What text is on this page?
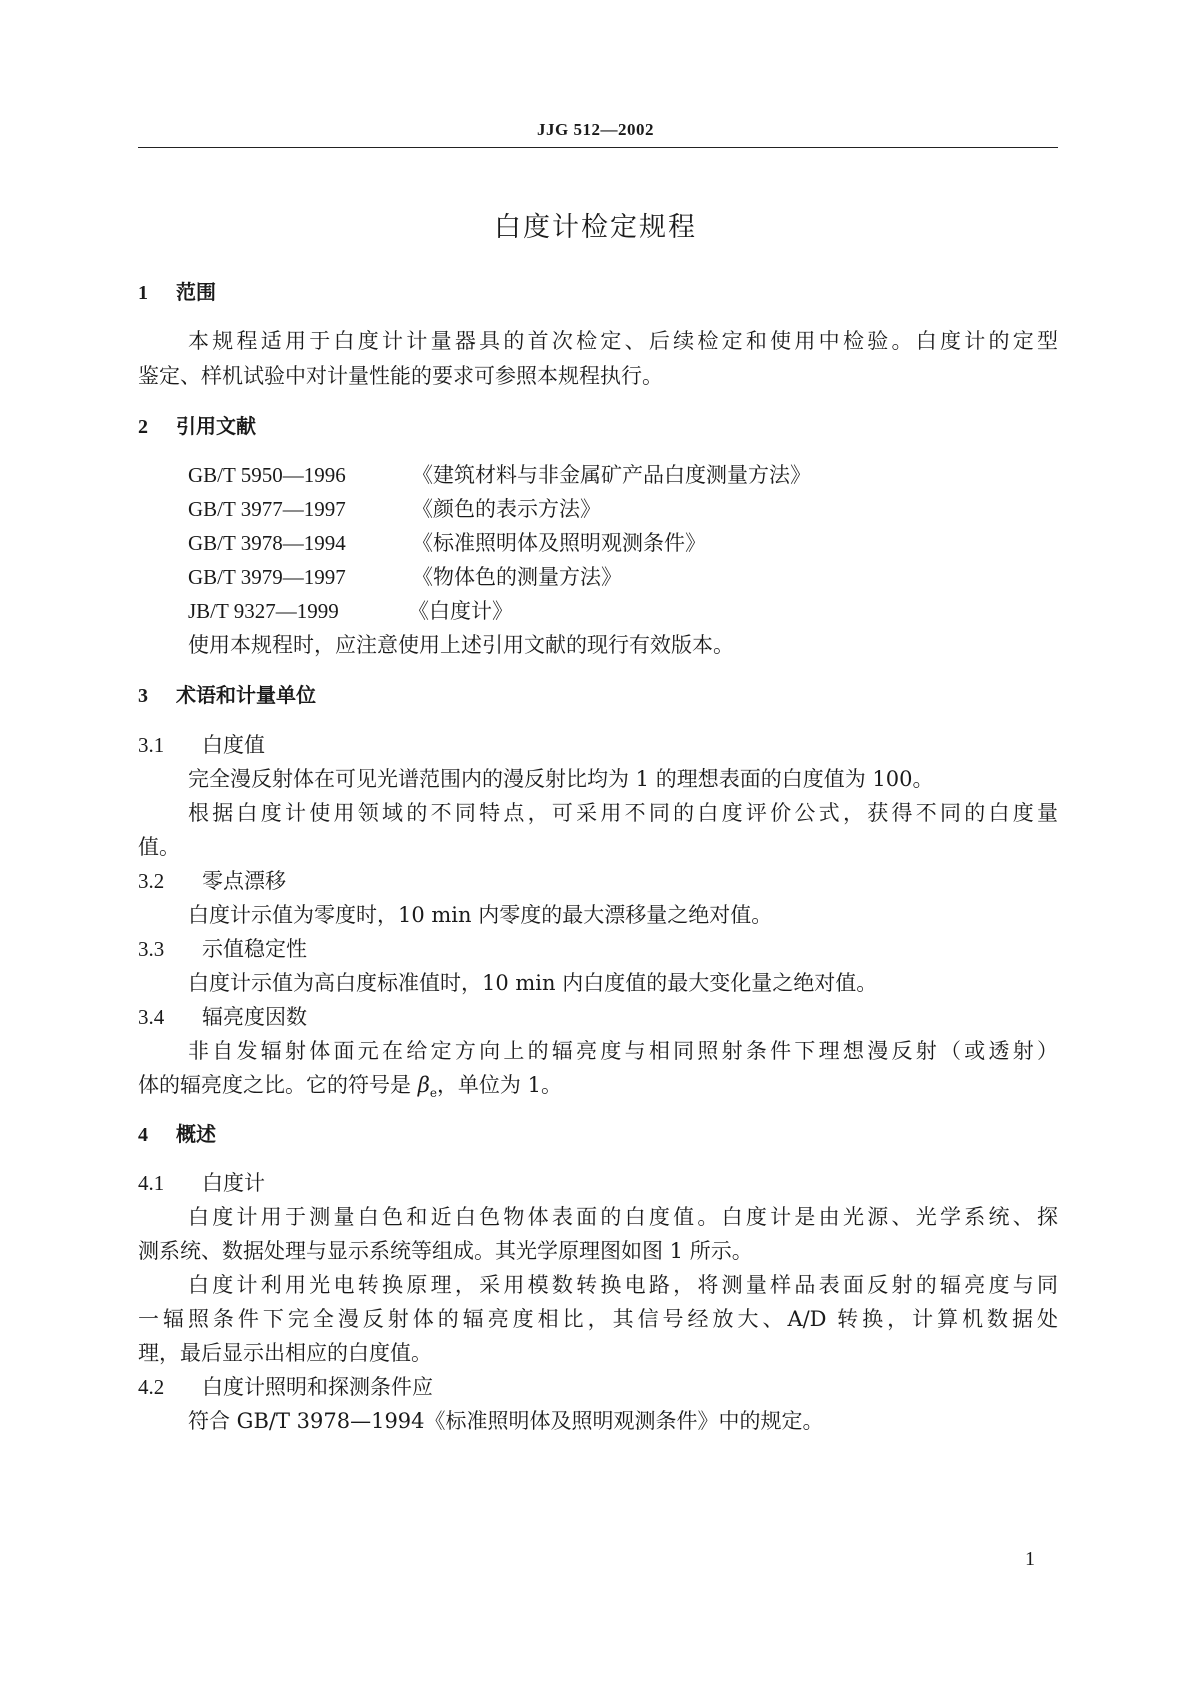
JJG 512—2002
白度计检定规程
1 范围
本规程适用于白度计计量器具的首次检定、后续检定和使用中检验。白度计的定型
鉴定、样机试验中对计量性能的要求可参照本规程执行。
2 引用文献
GB/T 5950—1996	《建筑材料与非金属矿产品白度测量方法》
GB/T 3977—1997	《颜色的表示方法》
GB/T 3978—1994	《标准照明体及照明观测条件》
GB/T 3979—1997	《物体色的测量方法》
JB/T 9327—1999	《白度计》
使用本规程时，应注意使用上述引用文献的现行有效版本。
3 术语和计量单位
3.1 白度值
完全漫反射体在可见光谱范围内的漫反射比均为 1 的理想表面的白度值为 100。
根据白度计使用领域的不同特点，可采用不同的白度评价公式，获得不同的白度量
值。
3.2 零点漂移
白度计示值为零度时，10 min 内零度的最大漂移量之绝对值。
3.3 示值稳定性
白度计示值为高白度标准值时，10 min 内白度值的最大变化量之绝对值。
3.4 辐亮度因数
非自发辐射体面元在给定方向上的辐亮度与相同照射条件下理想漫反射（或透射）
体的辐亮度之比。它的符号是 $\beta_e$，单位为 1。
4 概述
4.1 白度计
白度计用于测量白色和近白色物体表面的白度值。白度计是由光源、光学系统、探
测系统、数据处理与显示系统等组成。其光学原理图如图 1 所示。
白度计利用光电转换原理，采用模数转换电路，将测量样品表面反射的辐亮度与同
一辐照条件下完全漫反射体的辐亮度相比，其信号经放大、A/D 转换，计算机数据处
理，最后显示出相应的白度值。
4.2 白度计照明和探测条件应
符合 GB/T 3978—1994《标准照明体及照明观测条件》中的规定。
1
